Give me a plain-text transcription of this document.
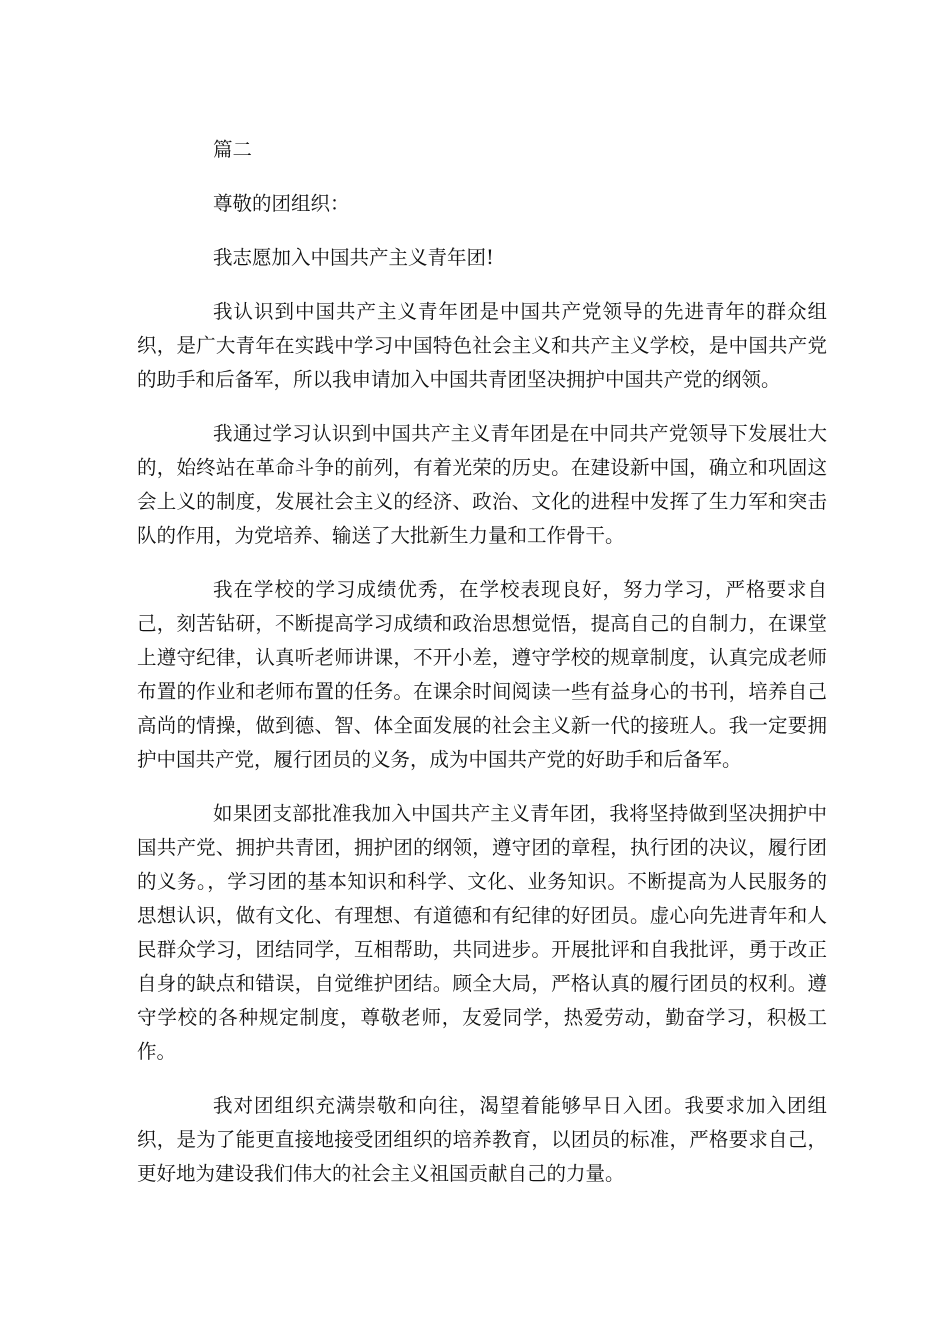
篇二
尊敬的团组织：
我志愿加入中国共产主义青年团!

我认识到中国共产主义青年团是中国共产党领导的先进青年的群众组织，是广大青年在实践中学习中国特色社会主义和共产主义学校，是中国共产党的助手和后备军，所以我申请加入中国共青团坚决拥护中国共产党的纲领。

我通过学习认识到中国共产主义青年团是在中同共产党领导下发展壮大的，始终站在革命斗争的前列，有着光荣的历史。在建设新中国，确立和巩固这会上义的制度，发展社会主义的经济、政治、文化的进程中发挥了生力军和突击队的作用，为党培养、输送了大批新生力量和工作骨干。

我在学校的学习成绩优秀，在学校表现良好，努力学习，严格要求自己，刻苦钻研，不断提高学习成绩和政治思想觉悟，提高自己的自制力，在课堂上遵守纪律，认真听老师讲课，不开小差，遵守学校的规章制度，认真完成老师布置的作业和老师布置的任务。在课余时间阅读一些有益身心的书刊，培养自己高尚的情操，做到德、智、体全面发展的社会主义新一代的接班人。我一定要拥护中国共产党，履行团员的义务，成为中国共产党的好助手和后备军。

如果团支部批准我加入中国共产主义青年团，我将坚持做到坚决拥护中国共产党、拥护共青团，拥护团的纲领，遵守团的章程，执行团的决议，履行团的义务。，学习团的基本知识和科学、文化、业务知识。不断提高为人民服务的思想认识，做有文化、有理想、有道德和有纪律的好团员。虚心向先进青年和人民群众学习，团结同学，互相帮助，共同进步。开展批评和自我批评，勇于改正自身的缺点和错误，自觉维护团结。顾全大局，严格认真的履行团员的权利。遵守学校的各种规定制度，尊敬老师，友爱同学，热爱劳动，勤奋学习，积极工作。

我对团组织充满崇敬和向往，渴望着能够早日入团。我要求加入团组织，是为了能更直接地接受团组织的培养教育，以团员的标准，严格要求自己，更好地为建设我们伟大的社会主义祖国贡献自己的力量。
